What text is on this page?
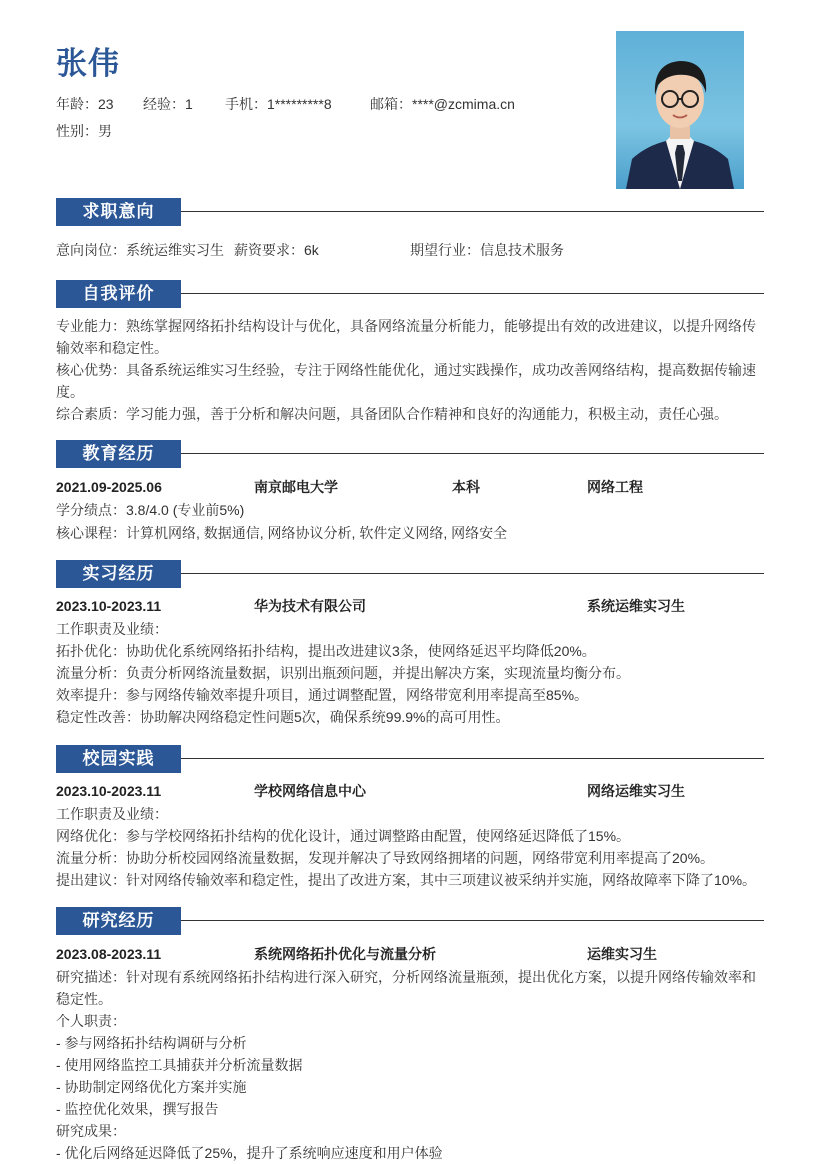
张伟
年龄：23	经验：1	手机：1*********8	邮箱：****@zcmima.cn
性别：男
求职意向
意向岗位：系统运维实习生 薪资要求：6k	期望行业：信息技术服务
自我评价
专业能力：熟练掌握网络拓扑结构设计与优化，具备网络流量分析能力，能够提出有效的改进建议，以提升网络传
输效率和稳定性。
核心优势：具备系统运维实习生经验，专注于网络性能优化，通过实践操作，成功改善网络结构，提高数据传输速
度。
综合素质：学习能力强，善于分析和解决问题，具备团队合作精神和良好的沟通能力，积极主动，责任心强。
教育经历
2021.09-2025.06	南京邮电大学	本科	网络工程
学分绩点：3.8/4.0 (专业前5%)
核心课程：计算机网络, 数据通信, 网络协议分析, 软件定义网络, 网络安全
实习经历
2023.10-2023.11	华为技术有限公司	系统运维实习生
工作职责及业绩：
拓扑优化：协助优化系统网络拓扑结构，提出改进建议3条，使网络延迟平均降低20%。
流量分析：负责分析网络流量数据，识别出瓶颈问题，并提出解决方案，实现流量均衡分布。
效率提升：参与网络传输效率提升项目，通过调整配置，网络带宽利用率提高至85%。
稳定性改善：协助解决网络稳定性问题5次，确保系统99.9%的高可用性。
校园实践
2023.10-2023.11	学校网络信息中心	网络运维实习生
工作职责及业绩：
网络优化：参与学校网络拓扑结构的优化设计，通过调整路由配置，使网络延迟降低了15%。
流量分析：协助分析校园网络流量数据，发现并解决了导致网络拥堵的问题，网络带宽利用率提高了20%。
提出建议：针对网络传输效率和稳定性，提出了改进方案，其中三项建议被采纳并实施，网络故障率下降了10%。
研究经历
2023.08-2023.11	系统网络拓扑优化与流量分析	运维实习生
研究描述：针对现有系统网络拓扑结构进行深入研究，分析网络流量瓶颈，提出优化方案，以提升网络传输效率和
稳定性。
个人职责：
- 参与网络拓扑结构调研与分析
- 使用网络监控工具捕获并分析流量数据
- 协助制定网络优化方案并实施
- 监控优化效果，撰写报告
研究成果：
- 优化后网络延迟降低了25%，提升了系统响应速度和用户体验
